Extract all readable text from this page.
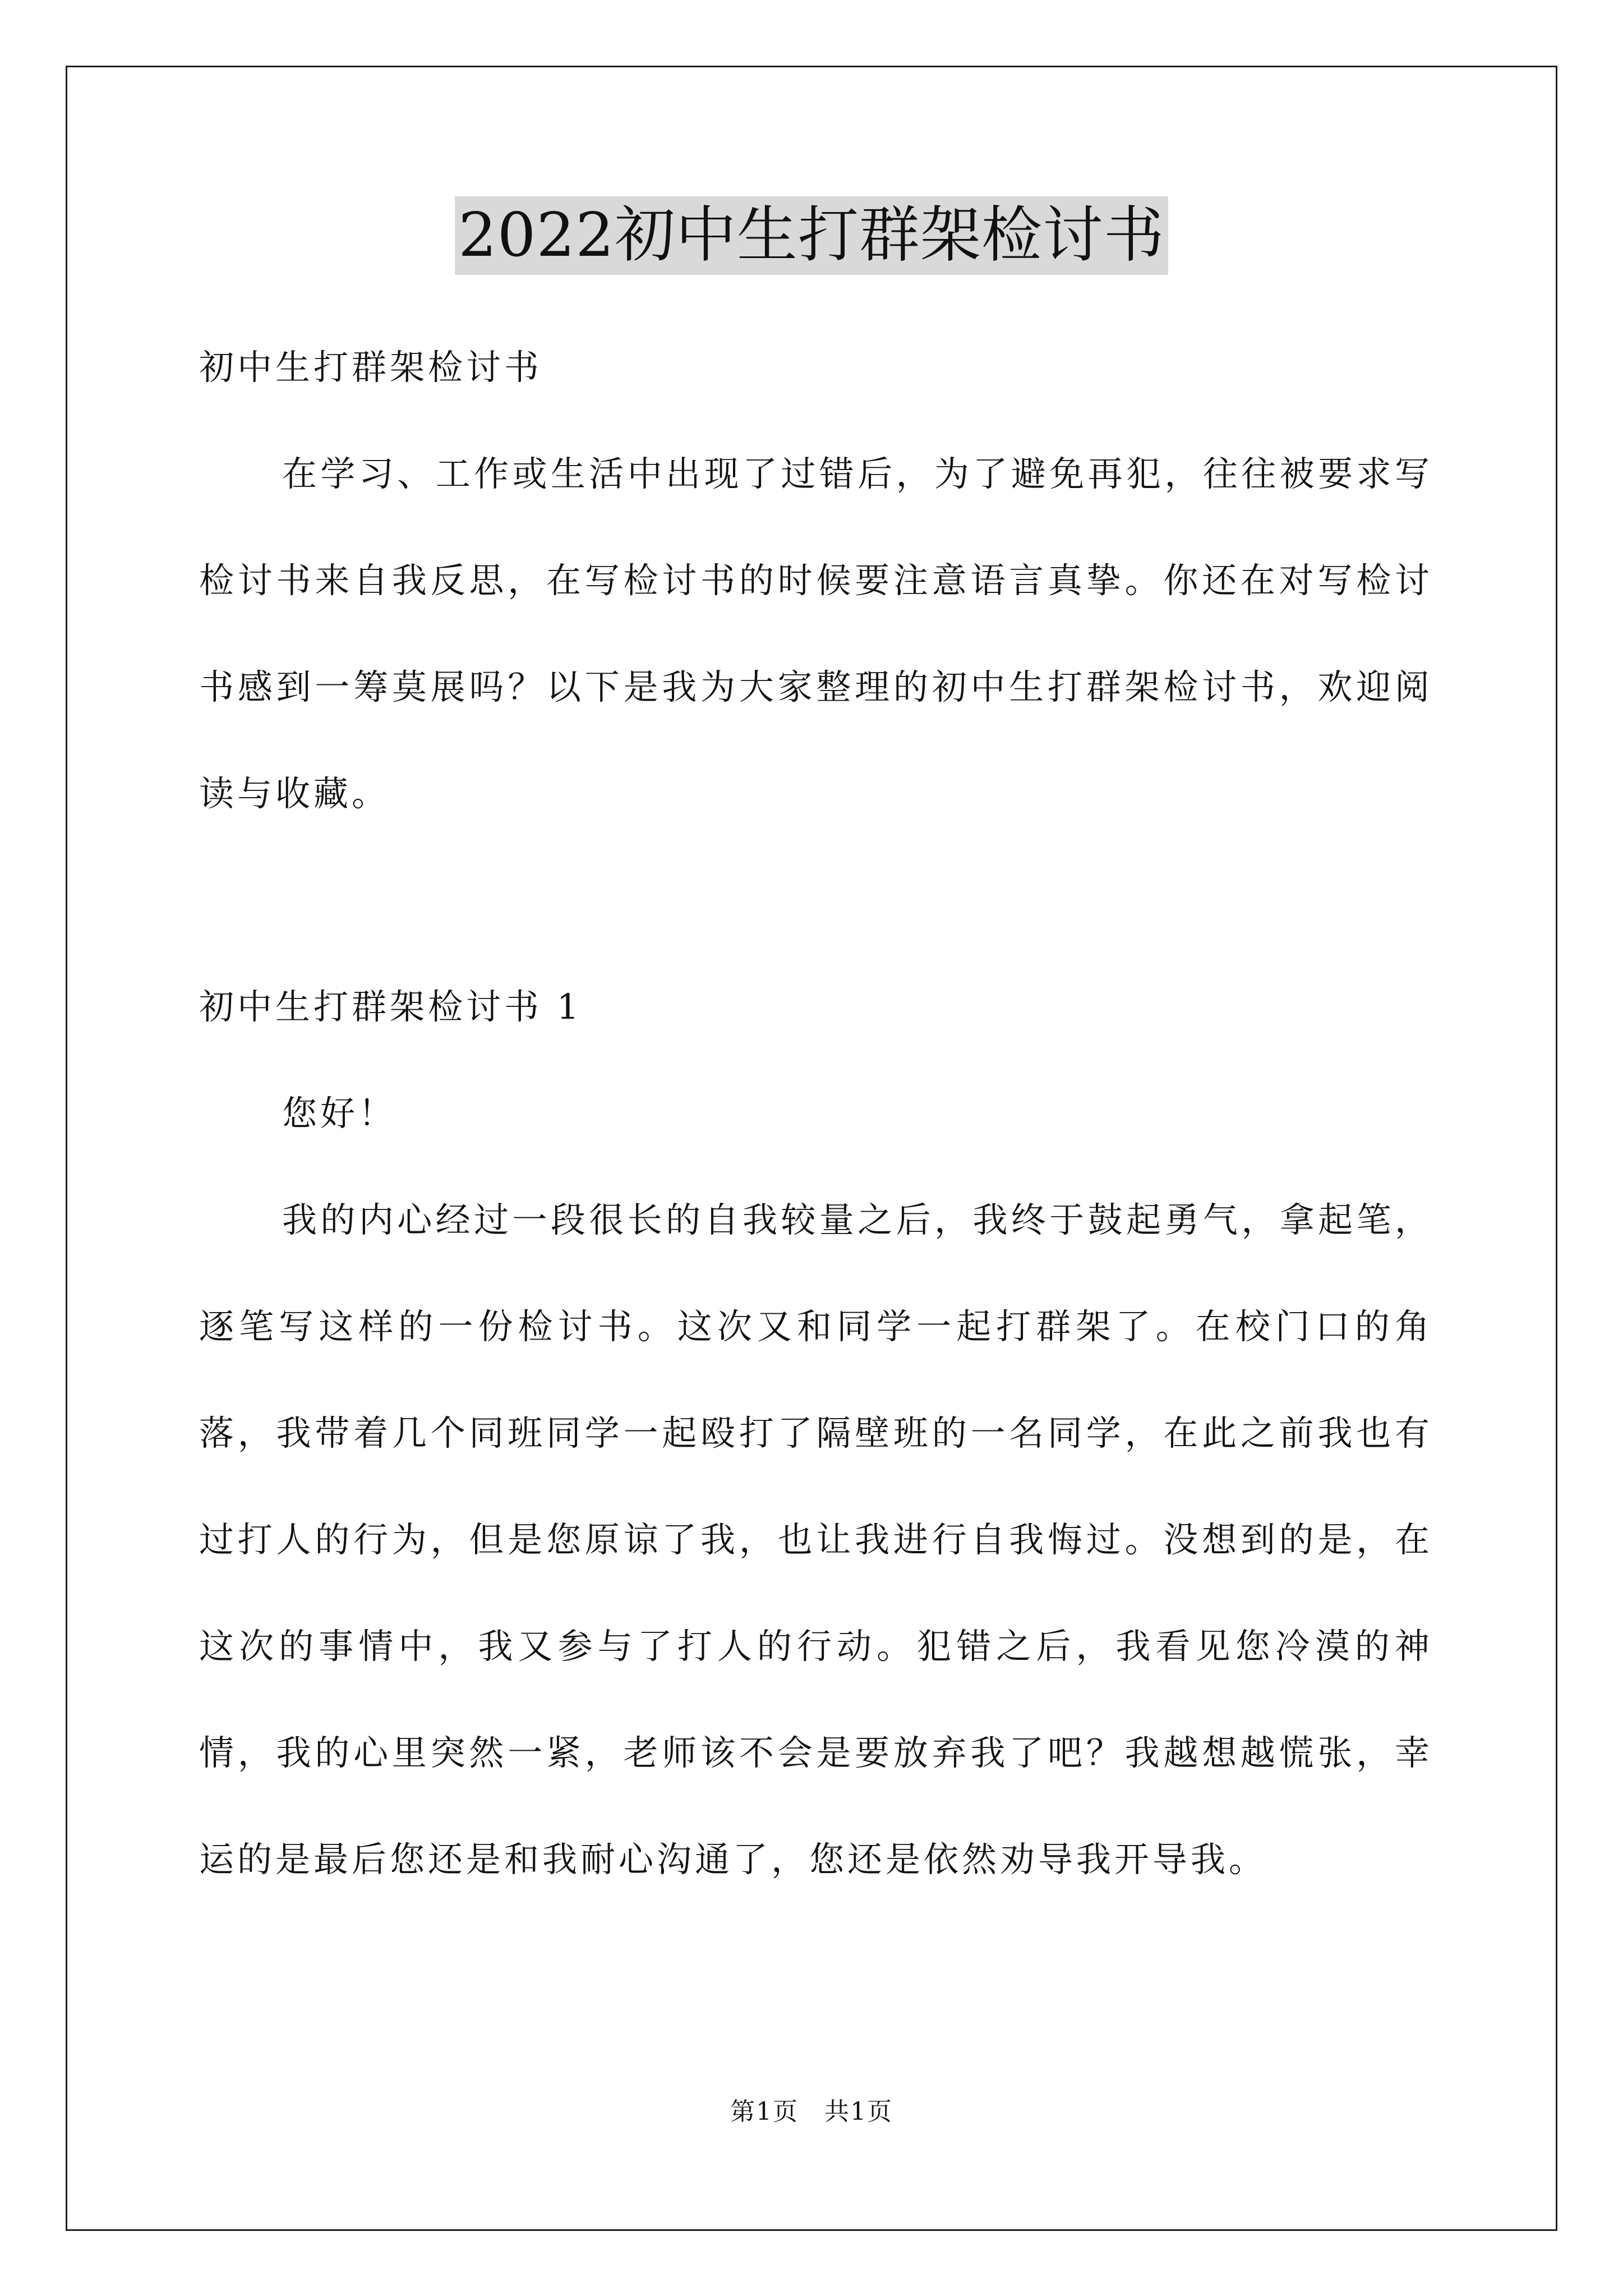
2022初中生打群架检讨书

初中生打群架检讨书

在学习、工作或生活中出现了过错后，为了避免再犯，往往被要求写检讨书来自我反思，在写检讨书的时候要注意语言真挚。你还在对写检讨书感到一筹莫展吗？以下是我为大家整理的初中生打群架检讨书，欢迎阅读与收藏。

初中生打群架检讨书 1

您好！

我的内心经过一段很长的自我较量之后，我终于鼓起勇气，拿起笔，逐笔写这样的一份检讨书。这次又和同学一起打群架了。在校门口的角落，我带着几个同班同学一起殴打了隔壁班的一名同学，在此之前我也有过打人的行为，但是您原谅了我，也让我进行自我悔过。没想到的是，在这次的事情中，我又参与了打人的行动。犯错之后，我看见您冷漠的神情，我的心里突然一紧，老师该不会是要放弃我了吧？我越想越慌张，幸运的是最后您还是和我耐心沟通了，您还是依然劝导我开导我。

第1页　共1页
